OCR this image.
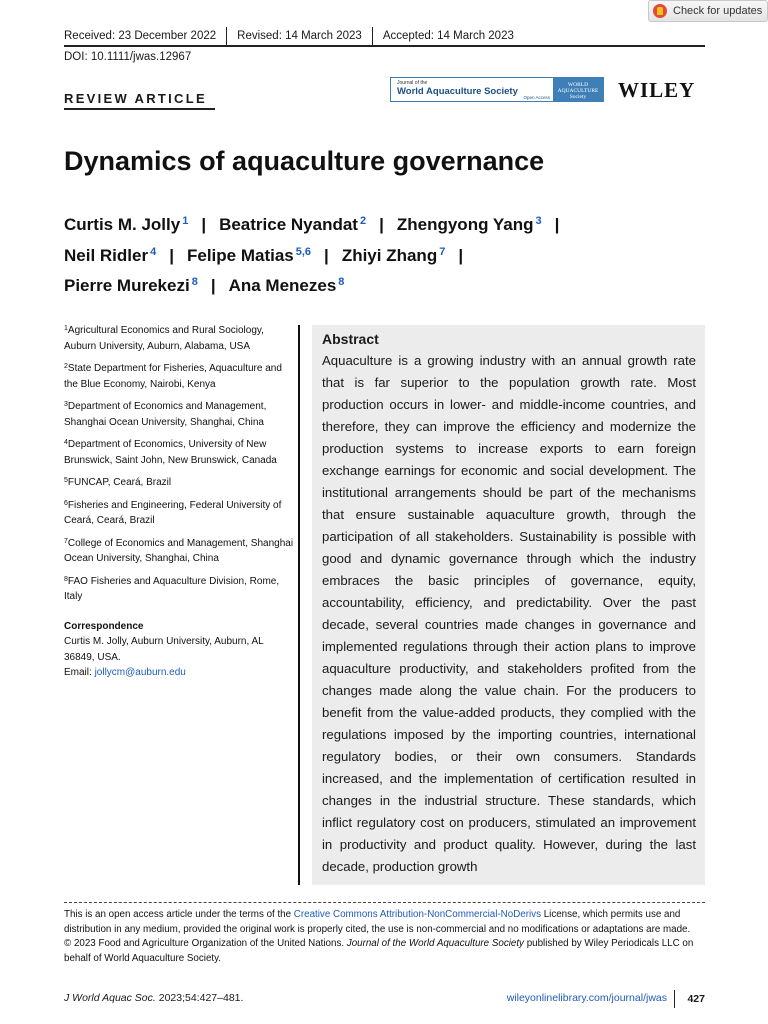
Check for updates
Received: 23 December 2022	Revised: 14 March 2023	Accepted: 14 March 2023
DOI: 10.1111/jwas.12967
REVIEW ARTICLE
Journal of the
World Aquaculture Society
Open Access
WORLD AQUACULTURE Society	WILEY
Dynamics of aquaculture governance
Curtis M. Jolly $^1$ | Beatrice Nyandat $^2$ | Zhengyong Yang $^3$ |
Neil Ridler $^4$ | Felipe Matias $^{5,6}$ | Zhiyi Zhang $^7$ |
Pierre Murekezi $^8$ | Ana Menezes $^8$
$^1$Agricultural Economics and Rural Sociology, Auburn University, Auburn, Alabama, USA
$^2$State Department for Fisheries, Aquaculture and the Blue Economy, Nairobi, Kenya
$^3$Department of Economics and Management, Shanghai Ocean University, Shanghai, China
$^4$Department of Economics, University of New Brunswick, Saint John, New Brunswick, Canada
$^5$FUNCAP, Ceará, Brazil
$^6$Fisheries and Engineering, Federal University of Ceará, Ceará, Brazil
$^7$College of Economics and Management, Shanghai Ocean University, Shanghai, China
$^8$FAO Fisheries and Aquaculture Division, Rome, Italy
Correspondence
Curtis M. Jolly, Auburn University, Auburn, AL 36849, USA.
Email: jollycm@auburn.edu
Abstract

Aquaculture is a growing industry with an annual growth rate that is far superior to the population growth rate. Most production occurs in lower- and middle-income countries, and therefore, they can improve the efficiency and modernize the production systems to increase exports to earn foreign exchange earnings for economic and social development. The institutional arrangements should be part of the mechanisms that ensure sustainable aquaculture growth, through the participation of all stakeholders. Sustainability is possible with good and dynamic governance through which the industry embraces the basic principles of governance, equity, accountability, efficiency, and predictability. Over the past decade, several countries made changes in governance and implemented regulations through their action plans to improve aquaculture productivity, and stakeholders profited from the changes made along the value chain. For the producers to benefit from the value-added products, they complied with the regulations imposed by the importing countries, international regulatory bodies, or their own consumers. Standards increased, and the implementation of certification resulted in changes in the industrial structure. These standards, which inflict regulatory cost on producers, stimulated an improvement in productivity and product quality. However, during the last decade, production growth

This is an open access article under the terms of the Creative Commons Attribution-NonCommercial-NoDerivs License, which permits use and distribution in any medium, provided the original work is properly cited, the use is non-commercial and no modifications or adaptations are made.

© 2023 Food and Agriculture Organization of the United Nations. Journal of the World Aquaculture Society published by Wiley Periodicals LLC on behalf of World Aquaculture Society.

J World Aquac Soc. 2023;54:427–481.	wileyonlinelibrary.com/journal/jwas	427
